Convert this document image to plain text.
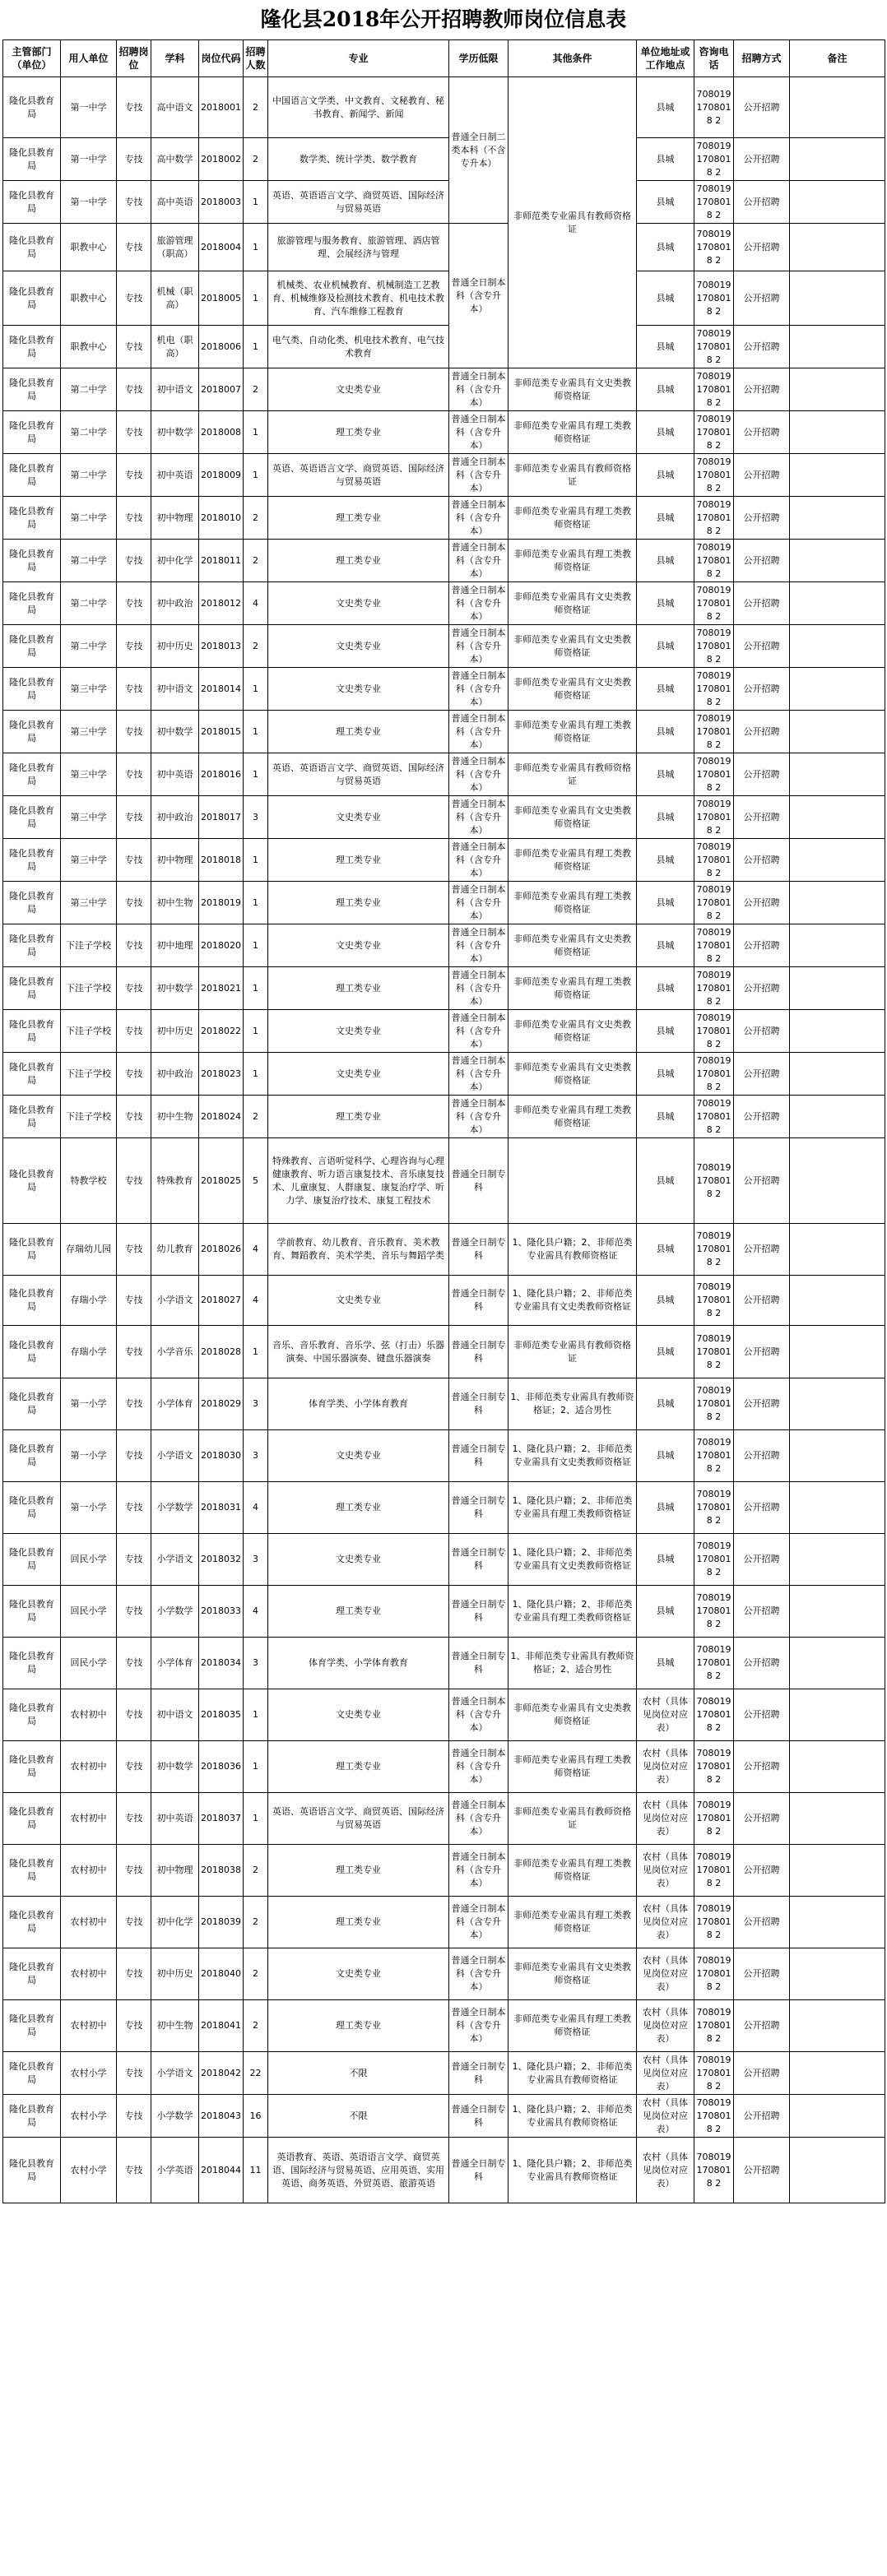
隆化县2018年公开招聘教师岗位信息表
主管部门（单位）	用人单位	招聘岗位	学科	岗位代码	招聘人数	专业	学历低限	其他条件	单位地址或工作地点	咨询电话	招聘方式	备注
隆化县教育局	第一中学	专技	高中语文	2018001	2	中国语言文学类、中文教育、文秘教育、秘书教育、新闻学、新闻	普通全日制二类本科（不含专升本）	非师范类专业需具有教师资格证	县城	7080191708018 2	公开招聘	
隆化县教育局	第一中学	专技	高中数学	2018002	2	数学类、统计学类、数学教育			县城	7080191708018 2	公开招聘	
隆化县教育局	第一中学	专技	高中英语	2018003	1	英语、英语语言文学、商贸英语、国际经济与贸易英语			县城	7080191708018 2	公开招聘	
隆化县教育局	职教中心	专技	旅游管理（职高）	2018004	1	旅游管理与服务教育、旅游管理、酒店管理、会展经济与管理	普通全日制本科（含专升本）		县城	7080191708018 2	公开招聘	
隆化县教育局	职教中心	专技	机械（职高）	2018005	1	机械类、农业机械教育、机械制造工艺教育、机械维修及检测技术教育、机电技术教育、汽车维修工程教育			县城	7080191708018 2	公开招聘	
隆化县教育局	职教中心	专技	机电（职高）	2018006	1	电气类、自动化类、机电技术教育、电气技术教育			县城	7080191708018 2	公开招聘	
隆化县教育局	第二中学	专技	初中语文	2018007	2	文史类专业	普通全日制本科（含专升本）	非师范类专业需具有文史类教师资格证	县城	7080191708018 2	公开招聘	
隆化县教育局	第二中学	专技	初中数学	2018008	1	理工类专业	普通全日制本科（含专升本）	非师范类专业需具有理工类教师资格证	县城	7080191708018 2	公开招聘	
隆化县教育局	第二中学	专技	初中英语	2018009	1	英语、英语语言文学、商贸英语、国际经济与贸易英语	普通全日制本科（含专升本）	非师范类专业需具有教师资格证	县城	7080191708018 2	公开招聘	
隆化县教育局	第二中学	专技	初中物理	2018010	2	理工类专业	普通全日制本科（含专升本）	非师范类专业需具有理工类教师资格证	县城	7080191708018 2	公开招聘	
隆化县教育局	第二中学	专技	初中化学	2018011	2	理工类专业	普通全日制本科（含专升本）	非师范类专业需具有理工类教师资格证	县城	7080191708018 2	公开招聘	
隆化县教育局	第二中学	专技	初中政治	2018012	4	文史类专业	普通全日制本科（含专升本）	非师范类专业需具有文史类教师资格证	县城	7080191708018 2	公开招聘	
隆化县教育局	第二中学	专技	初中历史	2018013	2	文史类专业	普通全日制本科（含专升本）	非师范类专业需具有文史类教师资格证	县城	7080191708018 2	公开招聘	
隆化县教育局	第三中学	专技	初中语文	2018014	1	文史类专业	普通全日制本科（含专升本）	非师范类专业需具有文史类教师资格证	县城	7080191708018 2	公开招聘	
隆化县教育局	第三中学	专技	初中数学	2018015	1	理工类专业	普通全日制本科（含专升本）	非师范类专业需具有理工类教师资格证	县城	7080191708018 2	公开招聘	
隆化县教育局	第三中学	专技	初中英语	2018016	1	英语、英语语言文学、商贸英语、国际经济与贸易英语	普通全日制本科（含专升本）	非师范类专业需具有教师资格证	县城	7080191708018 2	公开招聘	
隆化县教育局	第三中学	专技	初中政治	2018017	3	文史类专业	普通全日制本科（含专升本）	非师范类专业需具有文史类教师资格证	县城	7080191708018 2	公开招聘	
隆化县教育局	第三中学	专技	初中物理	2018018	1	理工类专业	普通全日制本科（含专升本）	非师范类专业需具有理工类教师资格证	县城	7080191708018 2	公开招聘	
隆化县教育局	第三中学	专技	初中生物	2018019	1	理工类专业	普通全日制本科（含专升本）	非师范类专业需具有理工类教师资格证	县城	7080191708018 2	公开招聘	
隆化县教育局	下洼子学校	专技	初中地理	2018020	1	文史类专业	普通全日制本科（含专升本）	非师范类专业需具有文史类教师资格证	县城	7080191708018 2	公开招聘	
隆化县教育局	下洼子学校	专技	初中数学	2018021	1	理工类专业	普通全日制本科（含专升本）	非师范类专业需具有理工类教师资格证	县城	7080191708018 2	公开招聘	
隆化县教育局	下洼子学校	专技	初中历史	2018022	1	文史类专业	普通全日制本科（含专升本）	非师范类专业需具有文史类教师资格证	县城	7080191708018 2	公开招聘	
隆化县教育局	下洼子学校	专技	初中政治	2018023	1	文史类专业	普通全日制本科（含专升本）	非师范类专业需具有文史类教师资格证	县城	7080191708018 2	公开招聘	
隆化县教育局	下洼子学校	专技	初中生物	2018024	2	理工类专业	普通全日制本科（含专升本）	非师范类专业需具有理工类教师资格证	县城	7080191708018 2	公开招聘	
隆化县教育局	特教学校	专技	特殊教育	2018025	5	特殊教育、言语听觉科学、心理咨询与心理健康教育、听力语言康复技术、音乐康复技术、儿童康复、人群康复、康复治疗学、听力学、康复治疗技术、康复工程技术	普通全日制专科		县城	7080191708018 2	公开招聘	
隆化县教育局	存瑞幼儿园	专技	幼儿教育	2018026	4	学前教育、幼儿教育、音乐教育、美术教育、舞蹈教育、美术学类、音乐与舞蹈学类	普通全日制专科	1、隆化县户籍；2、非师范类专业需具有教师资格证	县城	7080191708018 2	公开招聘	
隆化县教育局	存瑞小学	专技	小学语文	2018027	4	文史类专业	普通全日制专科	1、隆化县户籍；2、非师范类专业需具有文史类教师资格证	县城	7080191708018 2	公开招聘	
隆化县教育局	存瑞小学	专技	小学音乐	2018028	1	音乐、音乐教育、音乐学、弦（打击）乐器演奏、中国乐器演奏、键盘乐器演奏	普通全日制专科	非师范类专业需具有教师资格证	县城	7080191708018 2	公开招聘	
隆化县教育局	第一小学	专技	小学体育	2018029	3	体育学类、小学体育教育	普通全日制专科	1、非师范类专业需具有教师资格证；2、适合男性	县城	7080191708018 2	公开招聘	
隆化县教育局	第一小学	专技	小学语文	2018030	3	文史类专业	普通全日制专科	1、隆化县户籍；2、非师范类专业需具有文史类教师资格证	县城	7080191708018 2	公开招聘	
隆化县教育局	第一小学	专技	小学数学	2018031	4	理工类专业	普通全日制专科	1、隆化县户籍；2、非师范类专业需具有理工类教师资格证	县城	7080191708018 2	公开招聘	
隆化县教育局	回民小学	专技	小学语文	2018032	3	文史类专业	普通全日制专科	1、隆化县户籍；2、非师范类专业需具有文史类教师资格证	县城	7080191708018 2	公开招聘	
隆化县教育局	回民小学	专技	小学数学	2018033	4	理工类专业	普通全日制专科	1、隆化县户籍；2、非师范类专业需具有理工类教师资格证	县城	7080191708018 2	公开招聘	
隆化县教育局	回民小学	专技	小学体育	2018034	3	体育学类、小学体育教育	普通全日制专科	1、非师范类专业需具有教师资格证；2、适合男性	县城	7080191708018 2	公开招聘	
隆化县教育局	农村初中	专技	初中语文	2018035	1	文史类专业	普通全日制本科（含专升本）	非师范类专业需具有文史类教师资格证	农村（具体见岗位对应表）	7080191708018 2	公开招聘	
隆化县教育局	农村初中	专技	初中数学	2018036	1	理工类专业	普通全日制本科（含专升本）	非师范类专业需具有理工类教师资格证	农村（具体见岗位对应表）	7080191708018 2	公开招聘	
隆化县教育局	农村初中	专技	初中英语	2018037	1	英语、英语语言文学、商贸英语、国际经济与贸易英语	普通全日制本科（含专升本）	非师范类专业需具有教师资格证	农村（具体见岗位对应表）	7080191708018 2	公开招聘	
隆化县教育局	农村初中	专技	初中物理	2018038	2	理工类专业	普通全日制本科（含专升本）	非师范类专业需具有理工类教师资格证	农村（具体见岗位对应表）	7080191708018 2	公开招聘	
隆化县教育局	农村初中	专技	初中化学	2018039	2	理工类专业	普通全日制本科（含专升本）	非师范类专业需具有理工类教师资格证	农村（具体见岗位对应表）	7080191708018 2	公开招聘	
隆化县教育局	农村初中	专技	初中历史	2018040	2	文史类专业	普通全日制本科（含专升本）	非师范类专业需具有文史类教师资格证	农村（具体见岗位对应表）	7080191708018 2	公开招聘	
隆化县教育局	农村初中	专技	初中生物	2018041	2	理工类专业	普通全日制本科（含专升本）	非师范类专业需具有理工类教师资格证	农村（具体见岗位对应表）	7080191708018 2	公开招聘	
隆化县教育局	农村小学	专技	小学语文	2018042	22	不限	普通全日制专科	1、隆化县户籍；2、非师范类专业需具有教师资格证	农村（具体见岗位对应表）	7080191708018 2	公开招聘	
隆化县教育局	农村小学	专技	小学数学	2018043	16	不限	普通全日制专科	1、隆化县户籍；2、非师范类专业需具有教师资格证	农村（具体见岗位对应表）	7080191708018 2	公开招聘	
隆化县教育局	农村小学	专技	小学英语	2018044	11	英语教育、英语、英语语言文学、商贸英语、国际经济与贸易英语、应用英语、实用英语、商务英语、外贸英语、旅游英语	普通全日制专科	1、隆化县户籍；2、非师范类专业需具有教师资格证	农村（具体见岗位对应表）	7080191708018 2	公开招聘	
